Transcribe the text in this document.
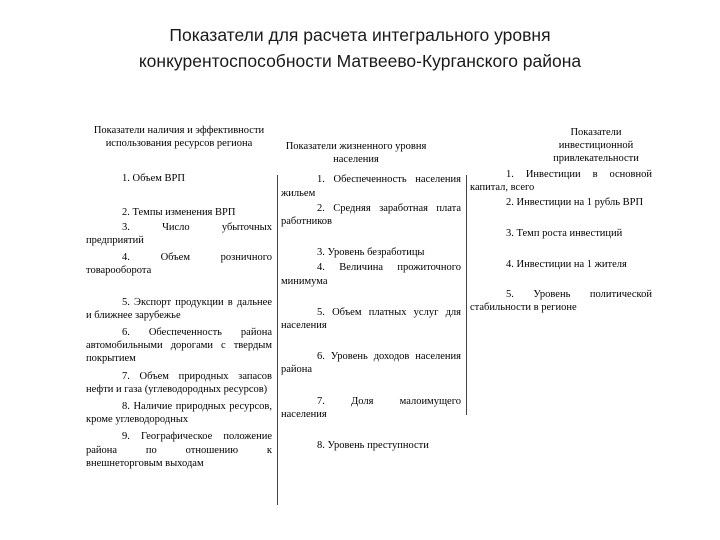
Показатели для расчета интегрального уровня
конкурентоспособности Матвеево-Курганского района
Показатели наличия и эффективности использования ресурсов региона
1. Объем ВРП
2. Темпы изменения ВРП
3. Число убыточных предприятий
4. Объем розничного товарооборота
5. Экспорт продукции в дальнее и ближнее зарубежье
6. Обеспеченность района автомобильными дорогами с твердым покрытием
7. Объем природных запасов нефти и газа (углеводородных ресурсов)
8. Наличие природных ресурсов, кроме углеводородных
9. Географическое положение района по отношению к внешнеторговым выходам
Показатели жизненного уровня населения
1. Обеспеченность населения жильем
2. Средняя заработная плата работников
3. Уровень безработицы
4. Величина прожиточного минимума
5. Объем платных услуг для населения
6. Уровень доходов населения района
7. Доля малоимущего населения
8. Уровень преступности
Показатели инвестиционной привлекательности
1. Инвестиции в основной капитал, всего
2. Инвестиции на 1 рубль ВРП
3. Темп роста инвестиций
4. Инвестиции на 1 жителя
5. Уровень политической стабильности в регионе
